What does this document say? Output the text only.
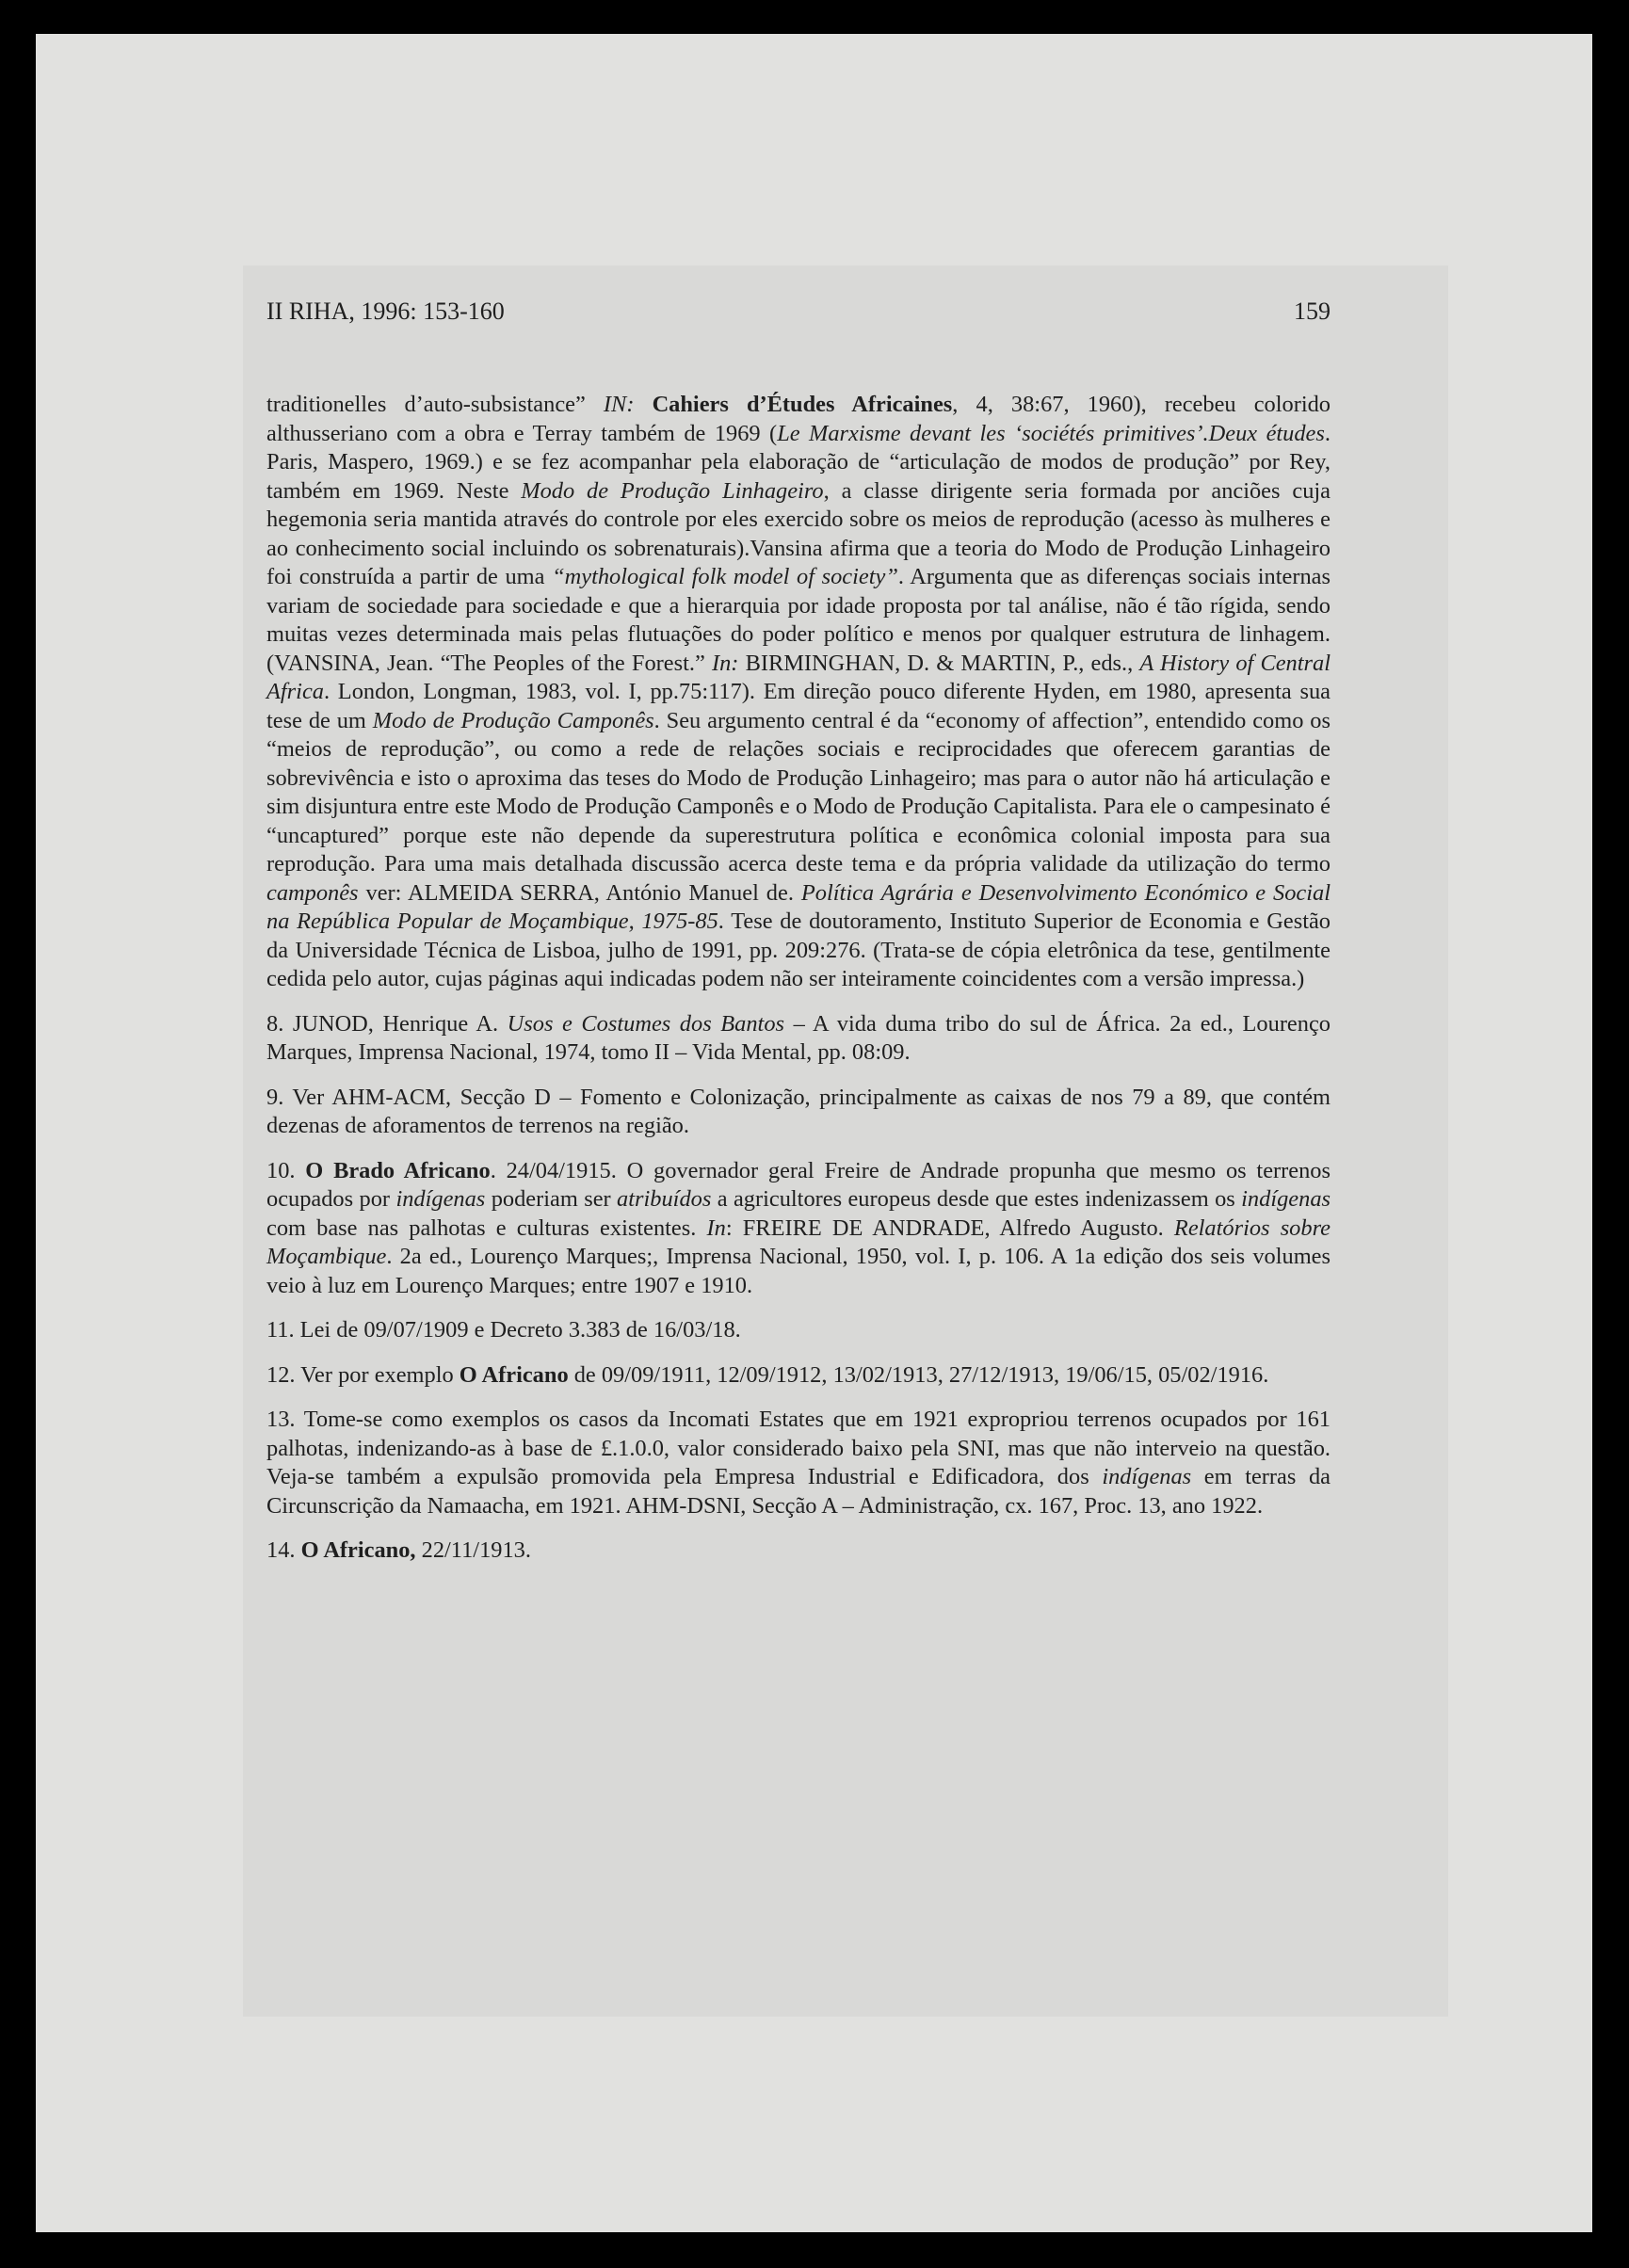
II RIHA, 1996: 153-160	159

traditionelles d’auto-subsistance” IN: Cahiers d’Études Africaines, 4, 38:67, 1960), recebeu colorido althusseriano com a obra e Terray também de 1969 (Le Marxisme devant les ‘sociétés primitives’.Deux études. Paris, Maspero, 1969.) e se fez acompanhar pela elaboração de “articulação de modos de produção” por Rey, também em 1969. Neste Modo de Produção Linhageiro, a classe dirigente seria formada por anciões cuja hegemonia seria mantida através do controle por eles exercido sobre os meios de reprodução (acesso às mulheres e ao conhecimento social incluindo os sobrenaturais).Vansina afirma que a teoria do Modo de Produção Linhageiro foi construída a partir de uma “mythological folk model of society”. Argumenta que as diferenças sociais internas variam de sociedade para sociedade e que a hierarquia por idade proposta por tal análise, não é tão rígida, sendo muitas vezes determinada mais pelas flutuações do poder político e menos por qualquer estrutura de linhagem. (VANSINA, Jean. “The Peoples of the Forest.” In: BIRMINGHAN, D. & MARTIN, P., eds., A History of Central Africa. London, Longman, 1983, vol. I, pp.75:117). Em direção pouco diferente Hyden, em 1980, apresenta sua tese de um Modo de Produção Camponês. Seu argumento central é da “economy of affection”, entendido como os “meios de reprodução”, ou como a rede de relações sociais e reciprocidades que oferecem garantias de sobrevivência e isto o aproxima das teses do Modo de Produção Linhageiro; mas para o autor não há articulação e sim disjuntura entre este Modo de Produção Camponês e o Modo de Produção Capitalista. Para ele o campesinato é “uncaptured” porque este não depende da superestrutura política e econômica colonial imposta para sua reprodução. Para uma mais detalhada discussão acerca deste tema e da própria validade da utilização do termo camponês ver: ALMEIDA SERRA, António Manuel de. Política Agrária e Desenvolvimento Económico e Social na República Popular de Moçambique, 1975-85. Tese de doutoramento, Instituto Superior de Economia e Gestão da Universidade Técnica de Lisboa, julho de 1991, pp. 209:276. (Trata-se de cópia eletrônica da tese, gentilmente cedida pelo autor, cujas páginas aqui indicadas podem não ser inteiramente coincidentes com a versão impressa.)

8. JUNOD, Henrique A. Usos e Costumes dos Bantos – A vida duma tribo do sul de África. 2a ed., Lourenço Marques, Imprensa Nacional, 1974, tomo II – Vida Mental, pp. 08:09.

9. Ver AHM-ACM, Secção D – Fomento e Colonização, principalmente as caixas de nos 79 a 89, que contém dezenas de aforamentos de terrenos na região.

10. O Brado Africano. 24/04/1915. O governador geral Freire de Andrade propunha que mesmo os terrenos ocupados por indígenas poderiam ser atribuídos a agricultores europeus desde que estes indenizassem os indígenas com base nas palhotas e culturas existentes. In: FREIRE DE ANDRADE, Alfredo Augusto. Relatórios sobre Moçambique. 2a ed., Lourenço Marques;, Imprensa Nacional, 1950, vol. I, p. 106. A 1a edição dos seis volumes veio à luz em Lourenço Marques; entre 1907 e 1910.

11. Lei de 09/07/1909 e Decreto 3.383 de 16/03/18.

12. Ver por exemplo O Africano de 09/09/1911, 12/09/1912, 13/02/1913, 27/12/1913, 19/06/15, 05/02/1916.

13. Tome-se como exemplos os casos da Incomati Estates que em 1921 expropriou terrenos ocupados por 161 palhotas, indenizando-as à base de £.1.0.0, valor considerado baixo pela SNI, mas que não interveio na questão. Veja-se também a expulsão promovida pela Empresa Industrial e Edificadora, dos indígenas em terras da Circunscrição da Namaacha, em 1921. AHM-DSNI, Secção A – Administração, cx. 167, Proc. 13, ano 1922.

14. O Africano, 22/11/1913.
